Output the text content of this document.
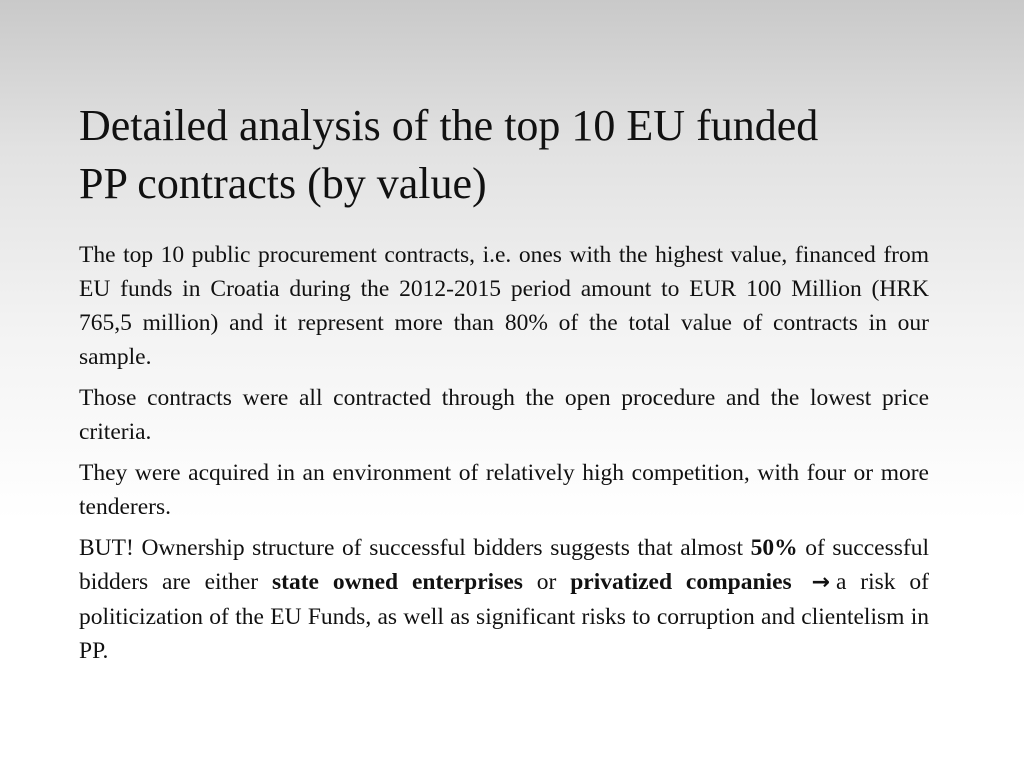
Detailed analysis of the top 10 EU funded
PP contracts (by value)

The top 10 public procurement contracts, i.e. ones with the highest value, financed from EU funds in Croatia during the 2012-2015 period amount to EUR 100 Million (HRK 765,5 million) and it represent more than 80% of the total value of contracts in our sample.

Those contracts were all contracted through the open procedure and the lowest price criteria.

They were acquired in an environment of relatively high competition, with four or more tenderers.

BUT! Ownership structure of successful bidders suggests that almost 50% of successful bidders are either state owned enterprises or privatized companies → a risk of politicization of the EU Funds, as well as significant risks to corruption and clientelism in PP.
